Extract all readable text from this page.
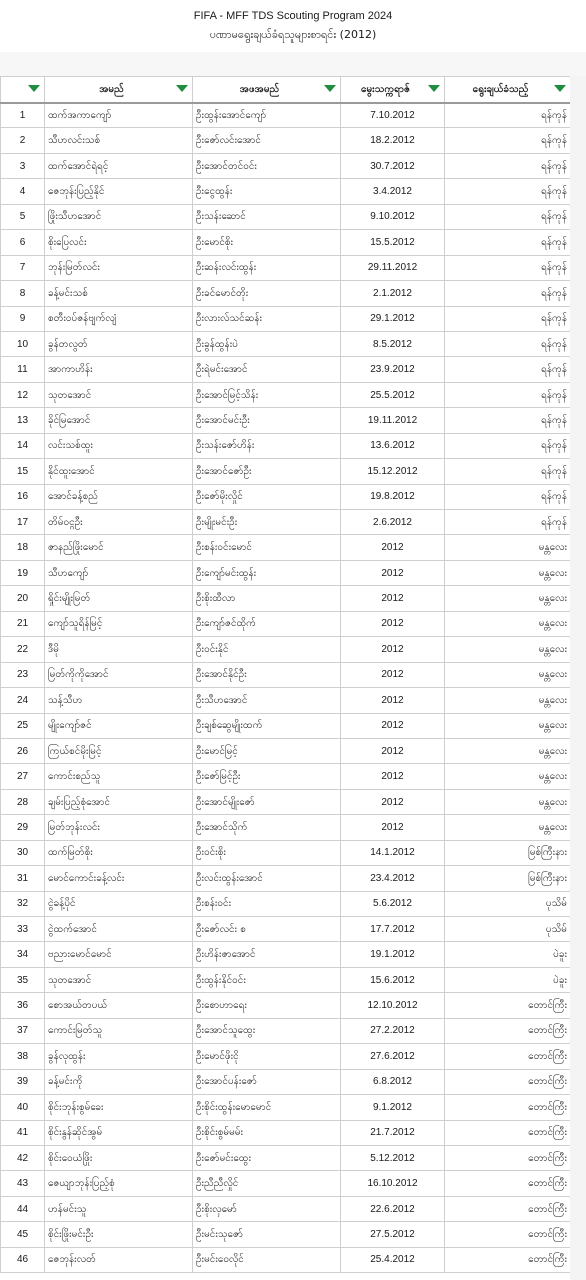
FIFA - MFF TDS Scouting Program 2024
ပဏာမရွေးချယ်ခံရသူများစာရင်း (2012)
	အမည်	အဖအမည်	မွေးသက္ကရာဇ်	ရွေးချယ်ခံသည့်

1	ထက်အကာကျော်	ဦးထွန်းအောင်ကျော်	7.10.2012	ရန်ကုန်
2	သီဟလင်းသစ်	ဦးဇော်လင်းအောင်	18.2.2012	ရန်ကုန်
3	ထက်အောင်ရဲရင့်	ဦးအောင်တင်ဝင်း	30.7.2012	ရန်ကုန်
4	ဇေဘုန်းပြည့်နိုင်	ဦးငွေထွန်း	3.4.2012	ရန်ကုန်
5	ဖြိုးသီဟအောင်	ဦးသန်းဆောင်	9.10.2012	ရန်ကုန်
6	စိုးပြေလင်း	ဦးမောင်စိုး	15.5.2012	ရန်ကုန်
7	ဘုန်းမြတ်လင်း	ဦးဆန်းလင်းထွန်း	29.11.2012	ရန်ကုန်
8	ခန့်မင်းသစ်	ဦးခင်မောင်တိုး	2.1.2012	ရန်ကုန်
9	စတီးဝပ်ဇန်ဗျက်လျံ	ဦးလားလ်သင်ဆန်း	29.1.2012	ရန်ကုန်
10	ခွန်တလွတ်	ဦးခွန်ထွန်းပဲ	8.5.2012	ရန်ကုန်
11	အာကာဟိန်း	ဦးရဲမင်းအောင်	23.9.2012	ရန်ကုန်
12	သုတအောင်	ဦးအောင်မြင့်သိန်း	25.5.2012	ရန်ကုန်
13	ခိုင်မြအောင်	ဦးအောင်မင်းဦး	19.11.2012	ရန်ကုန်
14	လင်းသစ်ထူး	ဦးသန်းဇော်ဟိန်း	13.6.2012	ရန်ကုန်
15	နိုင်ထူးအောင်	ဦးအောင်ဇော်ဦး	15.12.2012	ရန်ကုန်
16	အောင်ခန့်စည်	ဦးဇော်မိုးလှိုင်	19.8.2012	ရန်ကုန်
17	တိမ်ဝင္ဂဦး	ဦးမျိုးမင်းဦး	2.6.2012	ရန်ကုန်
18	ဇာနည်ဖြိုးမောင်	ဦးစန်းဝင်းမောင်	2012	မန္တလေး
19	သီဟကျော်	ဦးကျော်မင်းထွန်း	2012	မန္တလေး
20	ရှိုင်းမျိုးမြတ်	ဦးစိုးထီလာ	2012	မန္တလေး
21	ကျော်သူရိန်မြင့်	ဦးကျော်ဇင်ထိုက်	2012	မန္တလေး
22	ဒီမို	ဦးဝင်းနိုင်	2012	မန္တလေး
23	မြတ်ကိုကိုအောင်	ဦးအောင်နိုင်ဦး	2012	မန္တလေး
24	သန့်သီဟ	ဦးသီဟအောင်	2012	မန္တလေး
25	မျိုးကျော်ဇင်	ဦးချစ်ဆွေမျိုးထက်	2012	မန္တလေး
26	ကြယ်စင်မိုးမြင့်	ဦးမောင်မြင့်	2012	မန္တလေး
27	ကောင်းစည်သူ	ဦးဇော်မြင့်ဦး	2012	မန္တလေး
28	ချမ်းပြည့်စုံအောင်	ဦးအောင်မျိုးဇော်	2012	မန္တလေး
29	မြတ်ဘုန်းလင်း	ဦးအောင်သိုက်	2012	မန္တလေး
30	ထက်မြတ်စိုး	ဦးဝင်းစိုး	14.1.2012	မြစ်ကြီးနား
31	မောင်ကောင်းခန့်လင်း	ဦးလင်းထွန်းအောင်	23.4.2012	မြစ်ကြီးနား
32	ငွဲခန့်ပိုင်	ဦးစန်းဝင်း	5.6.2012	ပုသိမ်
33	ငွဲထက်အောင်	ဦးဇော်လင်း စ	17.7.2012	ပုသိမ်
34	ဗညားမောင်မောင်	ဦးဟိန်းဇာအောင်	19.1.2012	ပဲခူး
35	သုတအောင်	ဦးထွန်းနိုင်ဝင်း	15.6.2012	ပဲခူး
36	စောအယ်တပယ်	ဦးစောဟာရေး	12.10.2012	တောင်ကြီး
37	ကောင်းမြတ်သူ	ဦးအောင်သူထွေး	27.2.2012	တောင်ကြီး
38	ခွန်လုထွန်း	ဦးမောင်ဖိုးငို	27.6.2012	တောင်ကြီး
39	ခန့်မင်းကို	ဦးအောင်ပန်းဇော်	6.8.2012	တောင်ကြီး
40	စိုင်းဘုန်းစွမ်ခေး	ဦးစိုင်းထွန်းမောမောင်	9.1.2012	တောင်ကြီး
41	စိုင်းနွန်ဆိုင်အွမ်	ဦးစိုင်းစွမ်မမ်း	21.7.2012	တောင်ကြီး
42	စိုင်းဝေယံဖြိုး	ဦးဇော်မင်းထွေး	5.12.2012	တောင်ကြီး
43	ဇေယျာဘုန်းပြည့်စုံ	ဦးညီညီလှိုင်	16.10.2012	တောင်ကြီး
44	ဟန်မင်းသူ	ဦးစိုးလှမော်	22.6.2012	တောင်ကြီး
45	စိုင်းဖြိုးမင်းဦး	ဦးမင်းသုဇော်	27.5.2012	တောင်ကြီး
46	ဇေဘုန်းလတ်	ဦးမင်းဝေလိုင်	25.4.2012	တောင်ကြီး
